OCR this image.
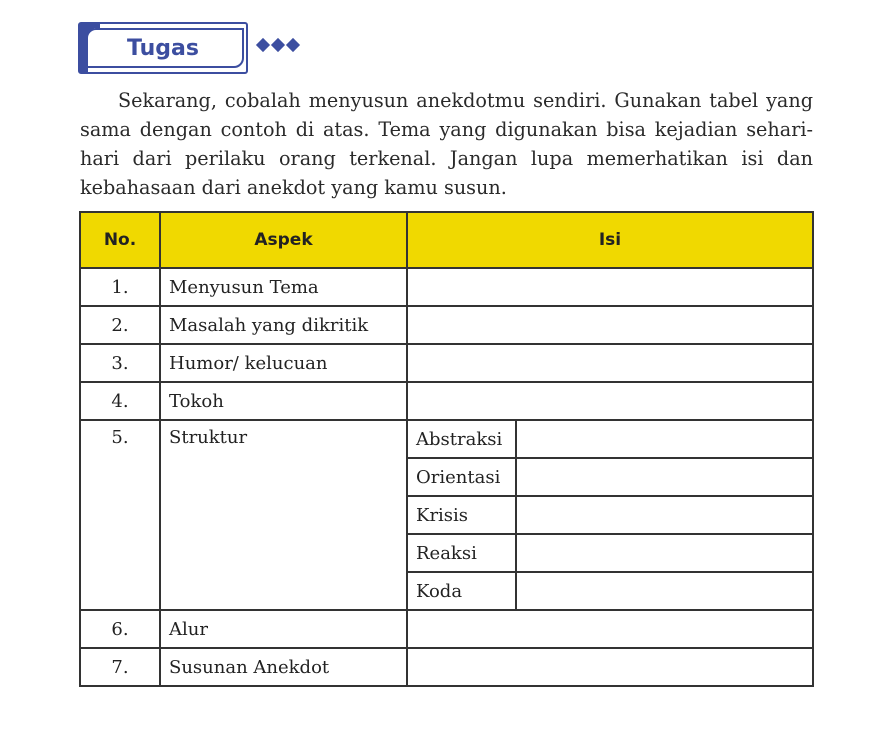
Tugas
Sekarang, cobalah menyusun anekdotmu sendiri. Gunakan tabel yang
sama dengan contoh di atas. Tema yang digunakan bisa kejadian sehari-
hari dari perilaku orang terkenal. Jangan lupa memerhatikan isi dan
kebahasaan dari anekdot yang kamu susun.
No.	Aspek	Isi	
1.	Menyusun Tema		
2.	Masalah yang dikritik		
3.	Humor/ kelucuan		
4.	Tokoh		
5.	Struktur	Abstraksi	
		Orientasi	
		Krisis	
		Reaksi	
		Koda	
6.	Alur		
7.	Susunan Anekdot		
